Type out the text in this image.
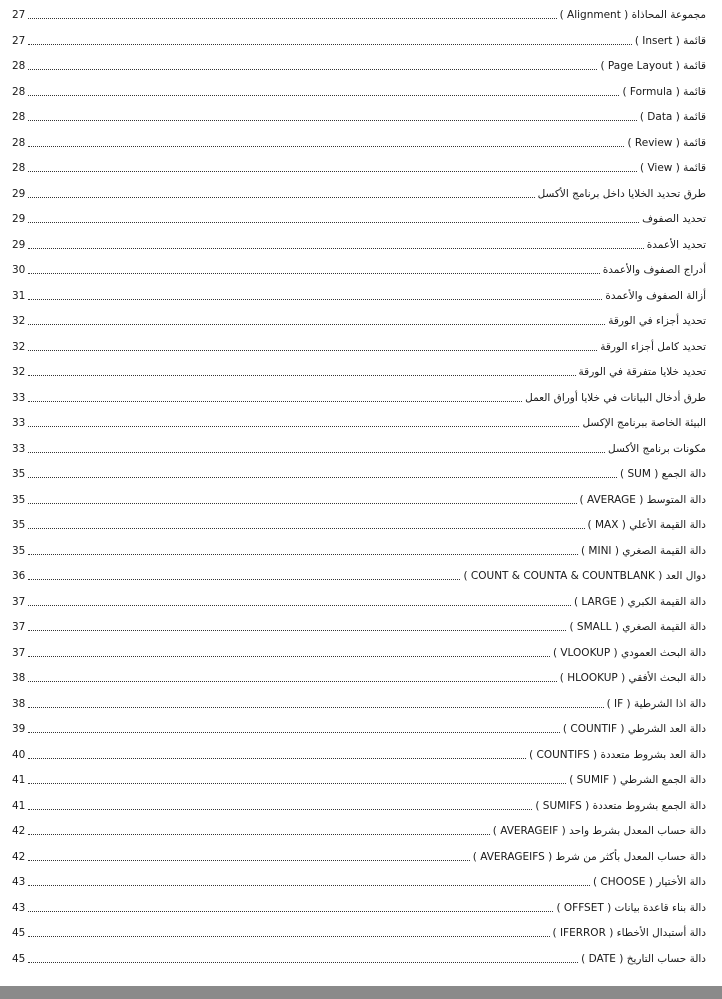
مجموعة المحاذاة ( Alignment )
27
قائمة ( Insert )
27
قائمة ( Page Layout )
28
قائمة ( Formula )
28
قائمة ( Data )
28
قائمة ( Review )
28
قائمة ( View )
28
طرق تحديد الخلايا داخل برنامج الأكسل
29
تحديد الصفوف
29
تحديد الأعمدة
29
أدراج الصفوف والأعمدة
30
أزالة الصفوف والأعمدة
31
تحديد أجزاء في الورقة
32
تحديد كامل أجزاء الورقة
32
تحديد خلايا متفرقة في الورقة
32
طرق أدخال البيانات في خلايا أوراق العمل
33
البيئة الخاصة ببرنامج الإكسل
33
مكونات برنامج الأكسل
33
دالة الجمع ( SUM )
35
دالة المتوسط ( AVERAGE )
35
دالة القيمة الأعلي ( MAX )
35
دالة القيمة الصغري ( MINI )
35
دوال العد ( COUNT & COUNTA & COUNTBLANK )
36
دالة القيمة الكبري ( LARGE )
37
دالة القيمة الصغري ( SMALL )
37
دالة البحث العمودي ( VLOOKUP )
37
دالة البحث الأفقي ( HLOOKUP )
38
دالة اذا الشرطية ( IF )
38
دالة العد الشرطي ( COUNTIF )
39
دالة العد بشروط متعددة ( COUNTIFS )
40
دالة الجمع الشرطي ( SUMIF )
41
دالة الجمع بشروط متعددة ( SUMIFS )
41
دالة حساب المعدل بشرط واحد ( AVERAGEIF )
42
دالة حساب المعدل بأكثر من شرط ( AVERAGEIFS )
42
دالة الأختيار ( CHOOSE )
43
دالة بناء قاعدة بيانات ( OFFSET )
43
دالة أستبدال الأخطاء ( IFERROR )
45
دالة حساب التاريخ ( DATE )
45
